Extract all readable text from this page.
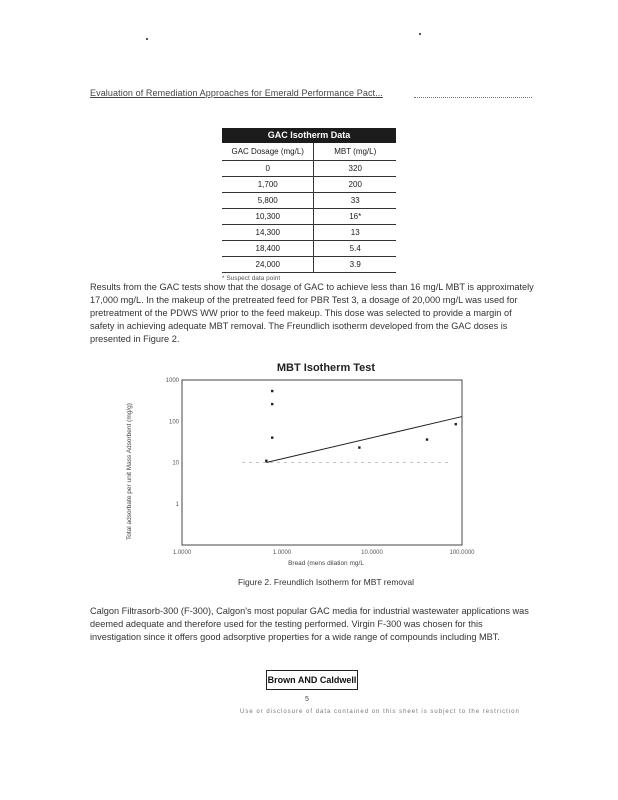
Evaluation of Remediation Approaches for Emerald Performance Pact...
GAC Isotherm Data
GAC Dosage (mg/L)	MBT (mg/L)
0	320
1,700	200
5,800	33
10,300	16*
14,300	13
18,400	5.4
24,000	3.9
* Suspect data point
Results from the GAC tests show that the dosage of GAC to achieve less than 16 mg/L MBT is approximately 17,000 mg/L. In the makeup of the pretreated feed for PBR Test 3, a dosage of 20,000 mg/L was used for pretreatment of the PDWS WW prior to the feed makeup. This dose was selected to provide a margin of safety in achieving adequate MBT removal. The Freundlich isotherm developed from the GAC doses is presented in Figure 2.
MBT Isotherm Test
1000
100
10
1
1.0000	1.0000	10.0000	100.0000
Total adsorbate per unit Mass Adsorbent (mg/g)
Bread (mens dilation mg/L
Figure 2. Freundlich Isotherm for MBT removal
Calgon Filtrasorb-300 (F-300), Calgon's most popular GAC media for industrial wastewater applications was deemed adequate and therefore used for the testing performed. Virgin F-300 was chosen for this investigation since it offers good adsorptive properties for a wide range of compounds including MBT.
Brown AND Caldwell
5
Use or disclosure of data contained on this sheet is subject to the restriction
